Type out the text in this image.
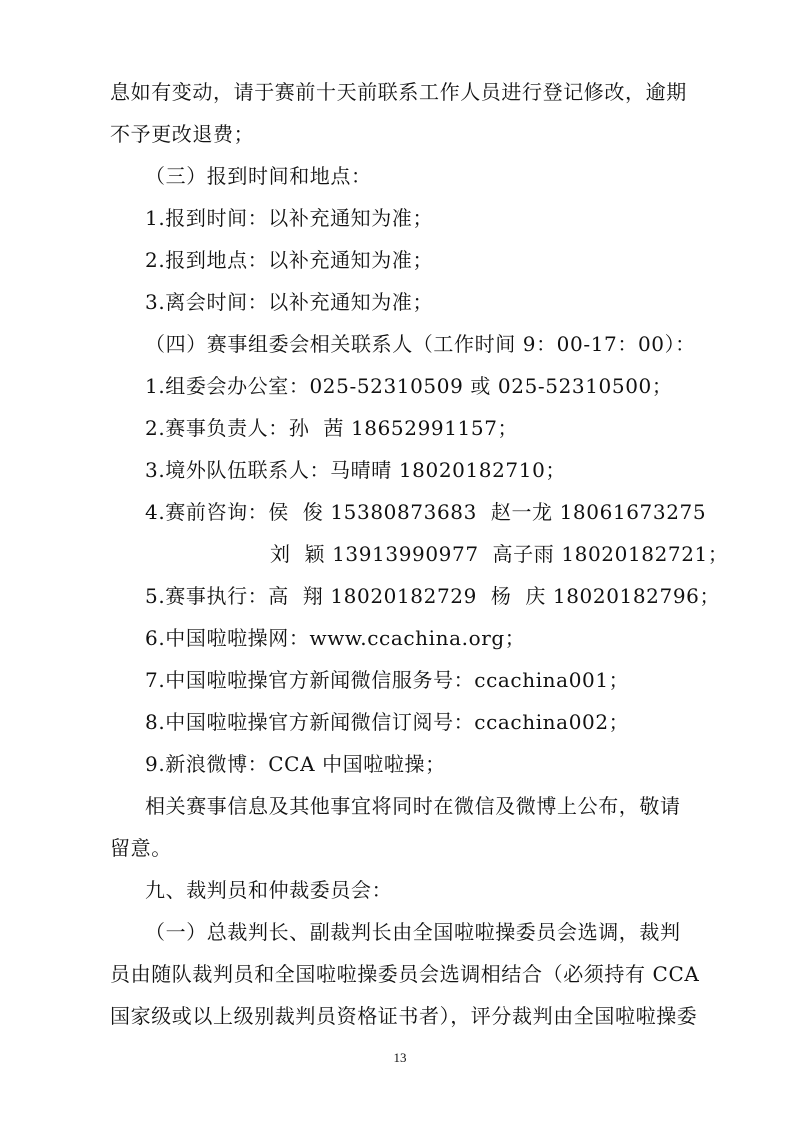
息如有变动，请于赛前十天前联系工作人员进行登记修改，逾期
不予更改退费；
（三）报到时间和地点：
1.报到时间：以补充通知为准；
2.报到地点：以补充通知为准；
3.离会时间：以补充通知为准；
（四）赛事组委会相关联系人（工作时间 9：00-17：00）：
1.组委会办公室：025-52310509 或 025-52310500；
2.赛事负责人：孙  茜 18652991157；
3.境外队伍联系人：马晴晴 18020182710；
4.赛前咨询：侯  俊 15380873683  赵一龙 18061673275
刘  颖 13913990977  高子雨 18020182721；
5.赛事执行：高  翔 18020182729  杨  庆 18020182796；
6.中国啦啦操网：www.ccachina.org；
7.中国啦啦操官方新闻微信服务号：ccachina001；
8.中国啦啦操官方新闻微信订阅号：ccachina002；
9.新浪微博：CCA 中国啦啦操；
相关赛事信息及其他事宜将同时在微信及微博上公布，敬请
留意。
九、裁判员和仲裁委员会：
（一）总裁判长、副裁判长由全国啦啦操委员会选调，裁判
员由随队裁判员和全国啦啦操委员会选调相结合（必须持有 CCA
国家级或以上级别裁判员资格证书者），评分裁判由全国啦啦操委
13
